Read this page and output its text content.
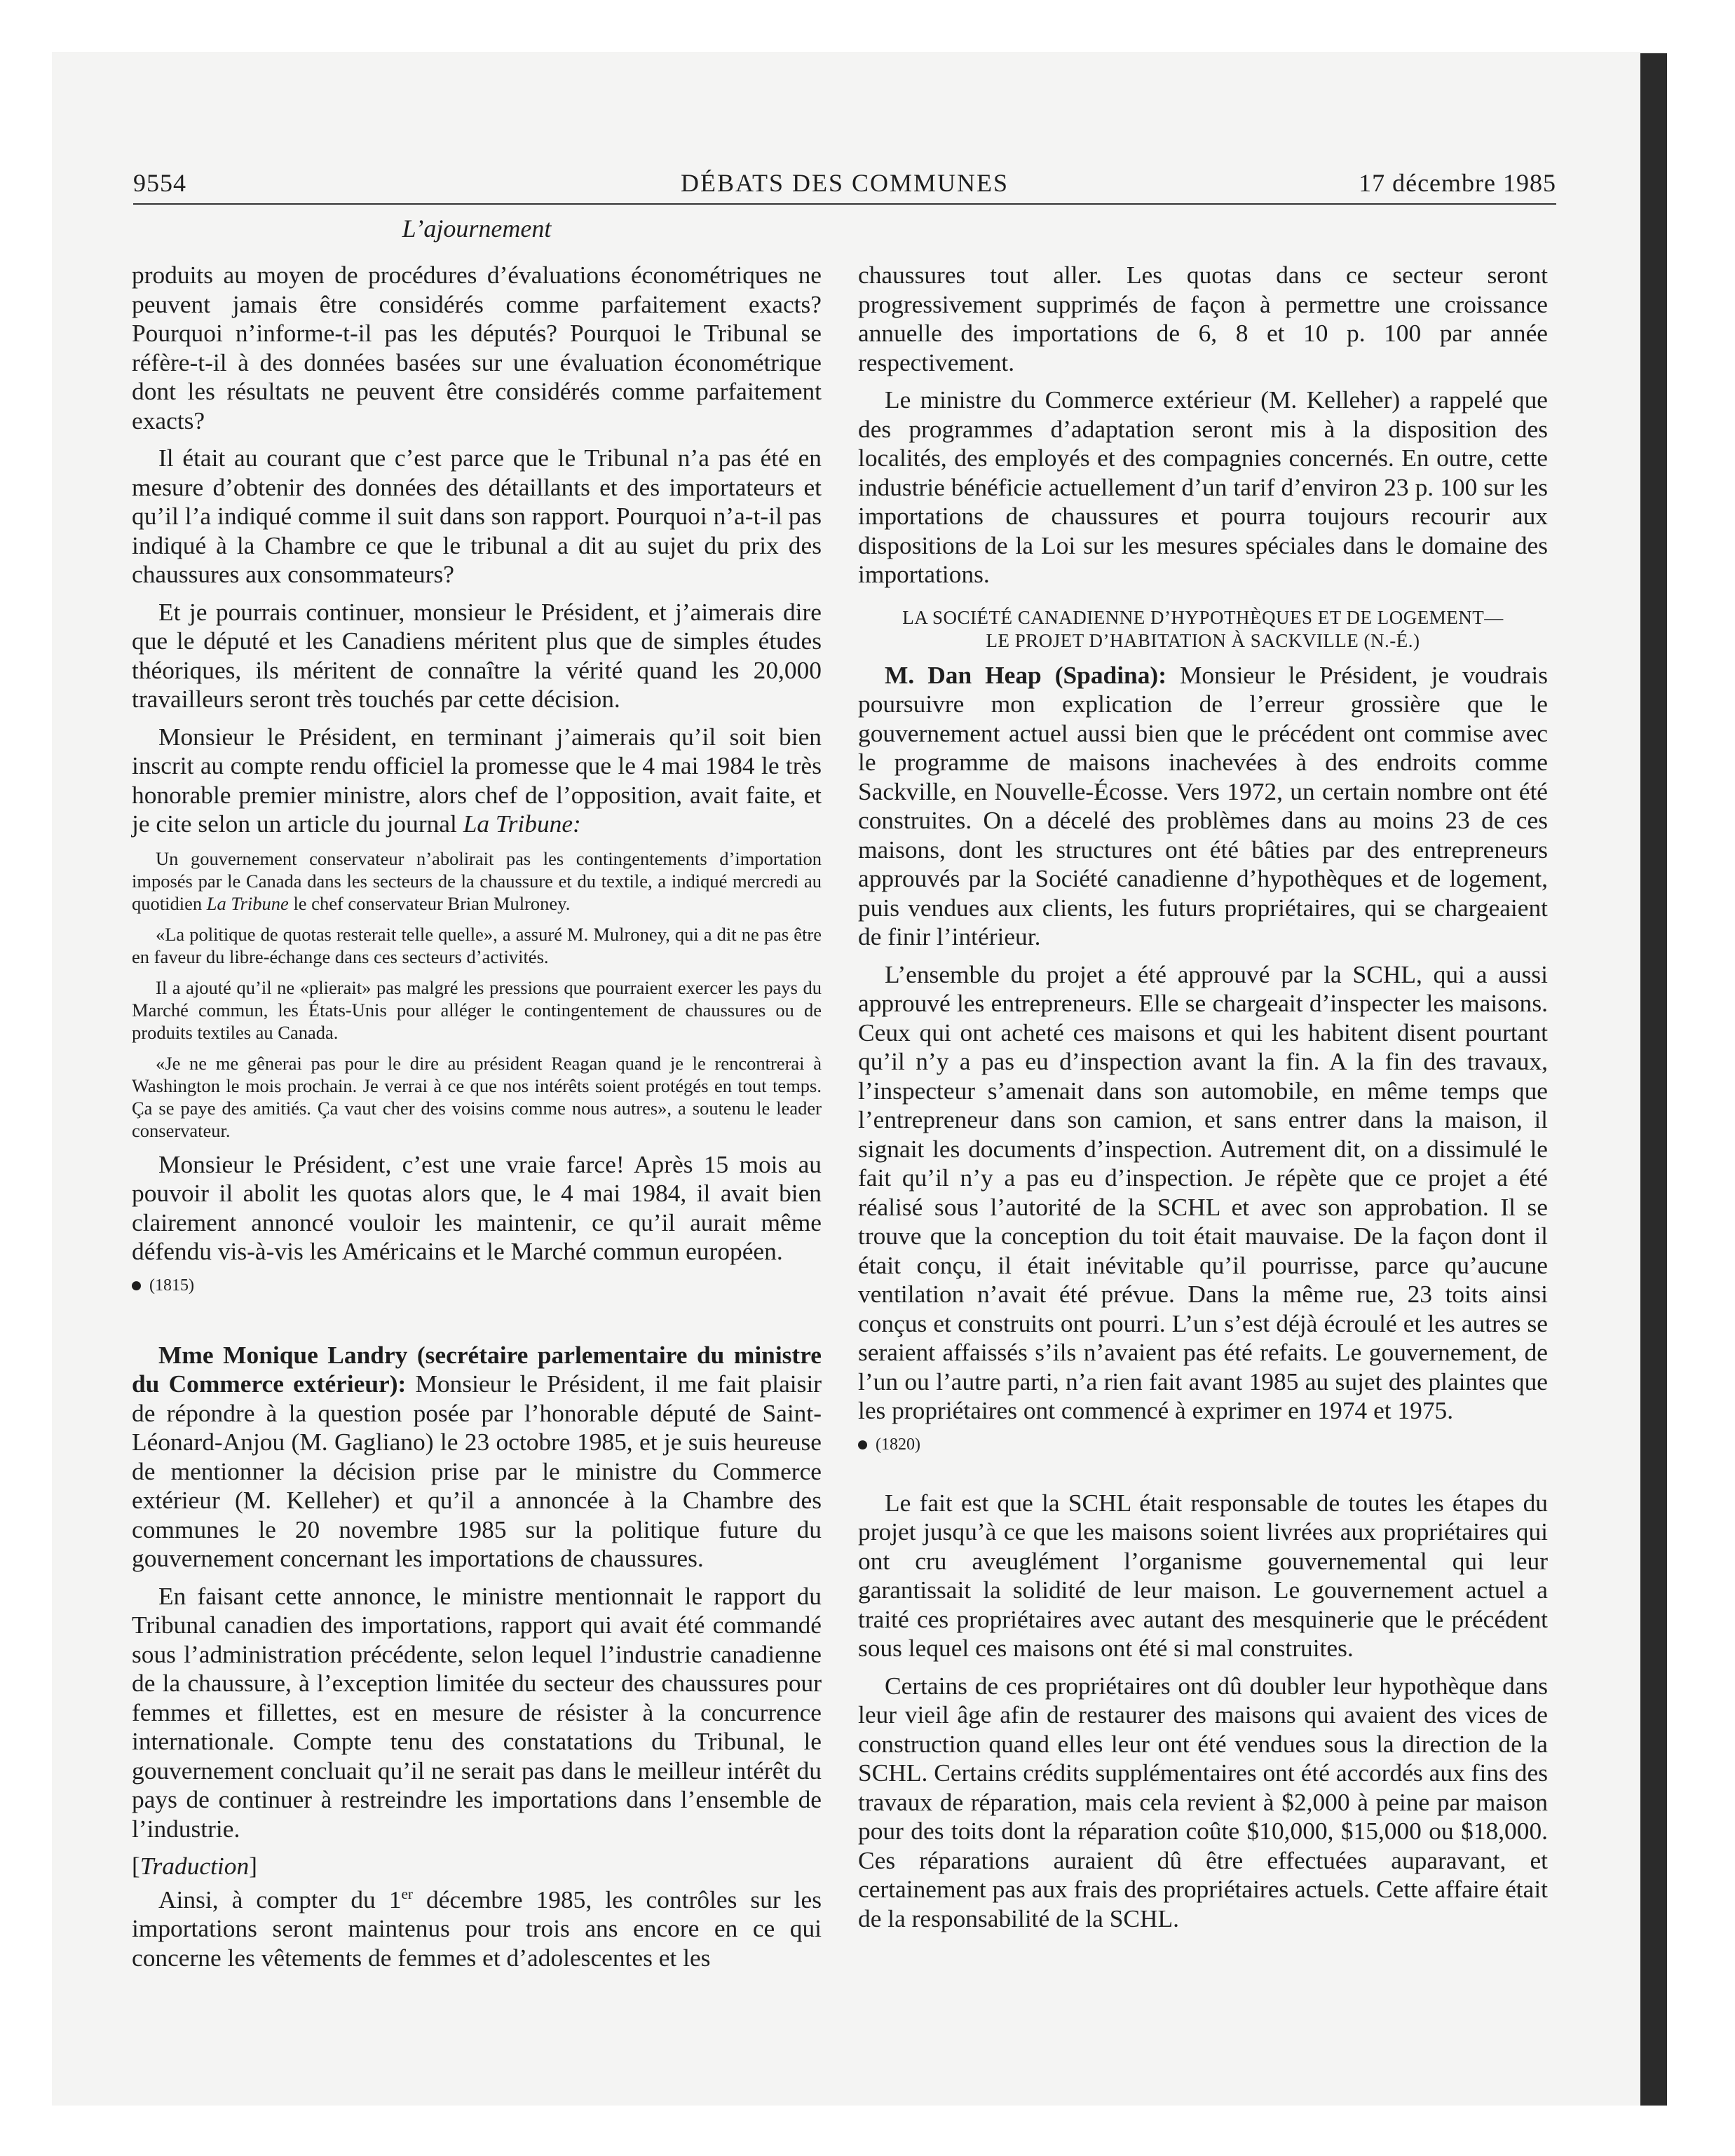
9554	DÉBATS DES COMMUNES	17 décembre 1985
L’ajournement

produits au moyen de procédures d’évaluations économétriques ne peuvent jamais être considérés comme parfaitement exacts? Pourquoi n’informe-t-il pas les députés? Pourquoi le Tribunal se réfère-t-il à des données basées sur une évaluation économétrique dont les résultats ne peuvent être considérés comme parfaitement exacts?

Il était au courant que c’est parce que le Tribunal n’a pas été en mesure d’obtenir des données des détaillants et des importateurs et qu’il l’a indiqué comme il suit dans son rapport. Pourquoi n’a-t-il pas indiqué à la Chambre ce que le tribunal a dit au sujet du prix des chaussures aux consommateurs?

Et je pourrais continuer, monsieur le Président, et j’aimerais dire que le député et les Canadiens méritent plus que de simples études théoriques, ils méritent de connaître la vérité quand les 20,000 travailleurs seront très touchés par cette décision.

Monsieur le Président, en terminant j’aimerais qu’il soit bien inscrit au compte rendu officiel la promesse que le 4 mai 1984 le très honorable premier ministre, alors chef de l’opposition, avait faite, et je cite selon un article du journal La Tribune:

Un gouvernement conservateur n’abolirait pas les contingentements d’importation imposés par le Canada dans les secteurs de la chaussure et du textile, a indiqué mercredi au quotidien La Tribune le chef conservateur Brian Mulroney.

«La politique de quotas resterait telle quelle», a assuré M. Mulroney, qui a dit ne pas être en faveur du libre-échange dans ces secteurs d’activités.

Il a ajouté qu’il ne «plierait» pas malgré les pressions que pourraient exercer les pays du Marché commun, les États-Unis pour alléger le contingentement de chaussures ou de produits textiles au Canada.

«Je ne me gênerai pas pour le dire au président Reagan quand je le rencontrerai à Washington le mois prochain. Je verrai à ce que nos intérêts soient protégés en tout temps. Ça se paye des amitiés. Ça vaut cher des voisins comme nous autres», a soutenu le leader conservateur.

Monsieur le Président, c’est une vraie farce! Après 15 mois au pouvoir il abolit les quotas alors que, le 4 mai 1984, il avait bien clairement annoncé vouloir les maintenir, ce qu’il aurait même défendu vis-à-vis les Américains et le Marché commun européen.

(1815)

Mme Monique Landry (secrétaire parlementaire du ministre du Commerce extérieur): Monsieur le Président, il me fait plaisir de répondre à la question posée par l’honorable député de Saint-Léonard-Anjou (M. Gagliano) le 23 octobre 1985, et je suis heureuse de mentionner la décision prise par le ministre du Commerce extérieur (M. Kelleher) et qu’il a annoncée à la Chambre des communes le 20 novembre 1985 sur la politique future du gouvernement concernant les importations de chaussures.

En faisant cette annonce, le ministre mentionnait le rapport du Tribunal canadien des importations, rapport qui avait été commandé sous l’administration précédente, selon lequel l’industrie canadienne de la chaussure, à l’exception limitée du secteur des chaussures pour femmes et fillettes, est en mesure de résister à la concurrence internationale. Compte tenu des constatations du Tribunal, le gouvernement concluait qu’il ne serait pas dans le meilleur intérêt du pays de continuer à restreindre les importations dans l’ensemble de l’industrie.

[Traduction]

Ainsi, à compter du 1er décembre 1985, les contrôles sur les importations seront maintenus pour trois ans encore en ce qui concerne les vêtements de femmes et d’adolescentes et les

chaussures tout aller. Les quotas dans ce secteur seront progressivement supprimés de façon à permettre une croissance annuelle des importations de 6, 8 et 10 p. 100 par année respectivement.

Le ministre du Commerce extérieur (M. Kelleher) a rappelé que des programmes d’adaptation seront mis à la disposition des localités, des employés et des compagnies concernés. En outre, cette industrie bénéficie actuellement d’un tarif d’environ 23 p. 100 sur les importations de chaussures et pourra toujours recourir aux dispositions de la Loi sur les mesures spéciales dans le domaine des importations.

LA SOCIÉTÉ CANADIENNE D’HYPOTHÈQUES ET DE LOGEMENT—
LE PROJET D’HABITATION À SACKVILLE (N.-É.)

M. Dan Heap (Spadina): Monsieur le Président, je voudrais poursuivre mon explication de l’erreur grossière que le gouvernement actuel aussi bien que le précédent ont commise avec le programme de maisons inachevées à des endroits comme Sackville, en Nouvelle-Écosse. Vers 1972, un certain nombre ont été construites. On a décelé des problèmes dans au moins 23 de ces maisons, dont les structures ont été bâties par des entrepreneurs approuvés par la Société canadienne d’hypothèques et de logement, puis vendues aux clients, les futurs propriétaires, qui se chargeaient de finir l’intérieur.

L’ensemble du projet a été approuvé par la SCHL, qui a aussi approuvé les entrepreneurs. Elle se chargeait d’inspecter les maisons. Ceux qui ont acheté ces maisons et qui les habitent disent pourtant qu’il n’y a pas eu d’inspection avant la fin. A la fin des travaux, l’inspecteur s’amenait dans son automobile, en même temps que l’entrepreneur dans son camion, et sans entrer dans la maison, il signait les documents d’inspection. Autrement dit, on a dissimulé le fait qu’il n’y a pas eu d’inspection. Je répète que ce projet a été réalisé sous l’autorité de la SCHL et avec son approbation. Il se trouve que la conception du toit était mauvaise. De la façon dont il était conçu, il était inévitable qu’il pourrisse, parce qu’aucune ventilation n’avait été prévue. Dans la même rue, 23 toits ainsi conçus et construits ont pourri. L’un s’est déjà écroulé et les autres se seraient affaissés s’ils n’avaient pas été refaits. Le gouvernement, de l’un ou l’autre parti, n’a rien fait avant 1985 au sujet des plaintes que les propriétaires ont commencé à exprimer en 1974 et 1975.

(1820)

Le fait est que la SCHL était responsable de toutes les étapes du projet jusqu’à ce que les maisons soient livrées aux propriétaires qui ont cru aveuglément l’organisme gouvernemental qui leur garantissait la solidité de leur maison. Le gouvernement actuel a traité ces propriétaires avec autant des mesquinerie que le précédent sous lequel ces maisons ont été si mal construites.

Certains de ces propriétaires ont dû doubler leur hypothèque dans leur vieil âge afin de restaurer des maisons qui avaient des vices de construction quand elles leur ont été vendues sous la direction de la SCHL. Certains crédits supplémentaires ont été accordés aux fins des travaux de réparation, mais cela revient à $2,000 à peine par maison pour des toits dont la réparation coûte $10,000, $15,000 ou $18,000. Ces réparations auraient dû être effectuées auparavant, et certainement pas aux frais des propriétaires actuels. Cette affaire était de la responsabilité de la SCHL.
